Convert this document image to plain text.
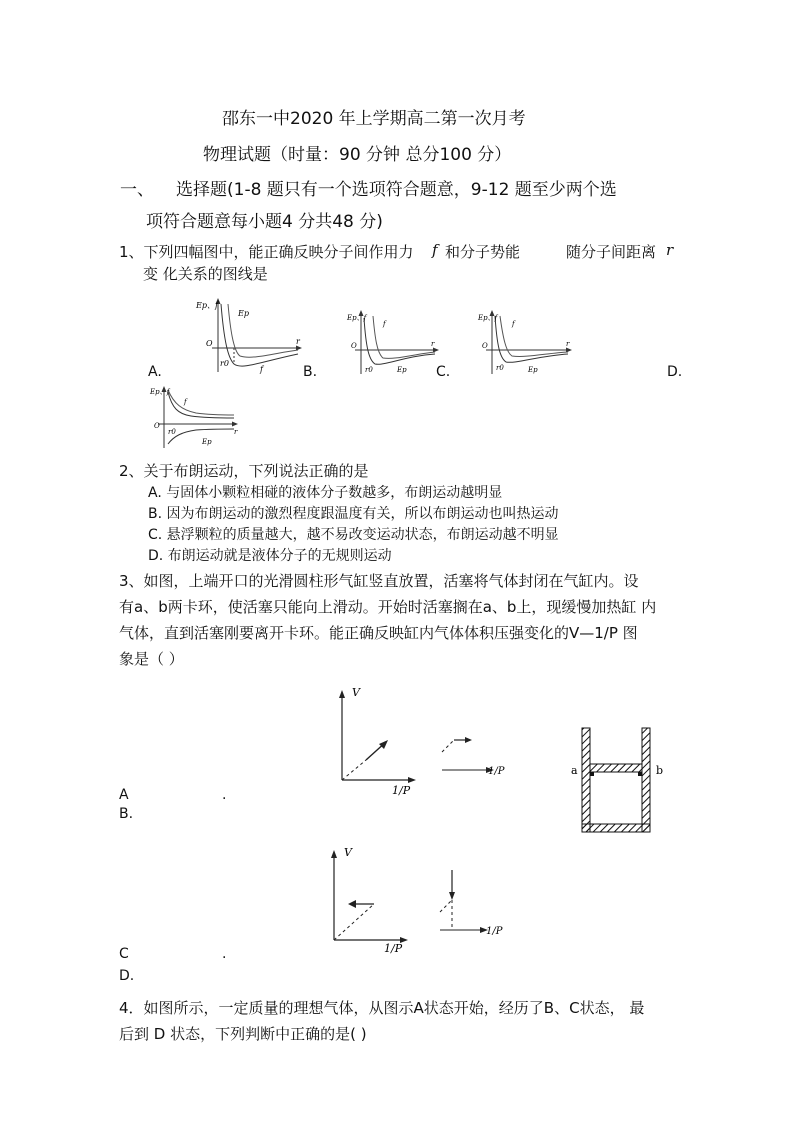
邵东一中2020 年上学期高二第一次月考
物理试题（时量：90 分钟 总分100 分）
一、 选择题(1-8 题只有一个选项符合题意，9-12 题至少两个选
项符合题意每小题4 分共48 分)
1、下列四幅图中，能正确反映分子间作用力 f 和分子势能	随分子间距离 r
变 化关系的图线是
Ep、f
Ep
O	r
r0
f
A.
Ep、f
f
O	r
r0	Ep
B.
Ep、f
f
O	r
r0	Ep
C.	D.
Ep、f
f
O
r
r0
Ep
2、关于布朗运动，下列说法正确的是
A. 与固体小颗粒相碰的液体分子数越多，布朗运动越明显
B. 因为布朗运动的激烈程度跟温度有关，所以布朗运动也叫热运动
C. 悬浮颗粒的质量越大，越不易改变运动状态，布朗运动越不明显
D. 布朗运动就是液体分子的无规则运动
3、如图，上端开口的光滑圆柱形气缸竖直放置，活塞将气体封闭在气缸内。设
有a、b两卡环，使活塞只能向上滑动。开始时活塞搁在a、b上，现缓慢加热缸 内
气体，直到活塞刚要离开卡环。能正确反映缸内气体体积压强变化的V—1/P 图
象是（ ）
V
1/P
1/P
A	.
B.
a	b
V
1/P
1/P
C	.
D.
4．如图所示，一定质量的理想气体，从图示A状态开始，经历了B、C状态， 最
后到 D 状态，下列判断中正确的是( )
